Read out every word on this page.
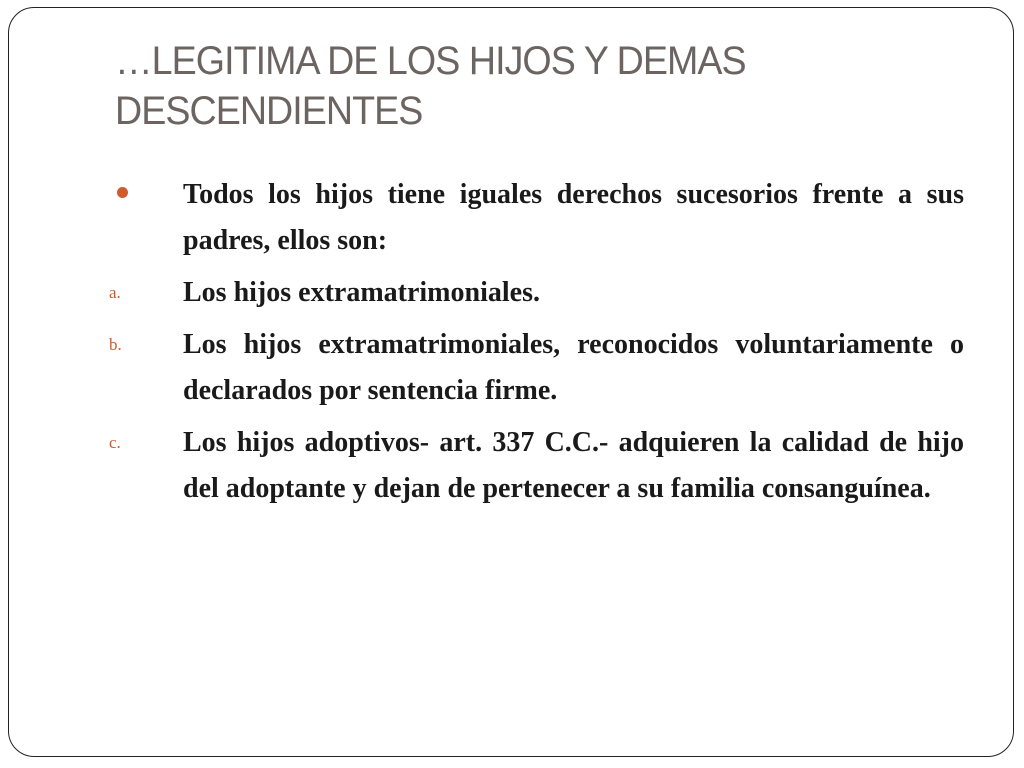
…LEGITIMA DE LOS HIJOS Y DEMAS DESCENDIENTES

Todos los hijos tiene iguales derechos sucesorios frente a sus padres, ellos son:

a. Los hijos extramatrimoniales.

b. Los hijos extramatrimoniales, reconocidos voluntariamente o declarados por sentencia firme.

c. Los hijos adoptivos- art. 337 C.C.- adquieren la calidad de hijo del adoptante y dejan de pertenecer a su familia consanguínea.
